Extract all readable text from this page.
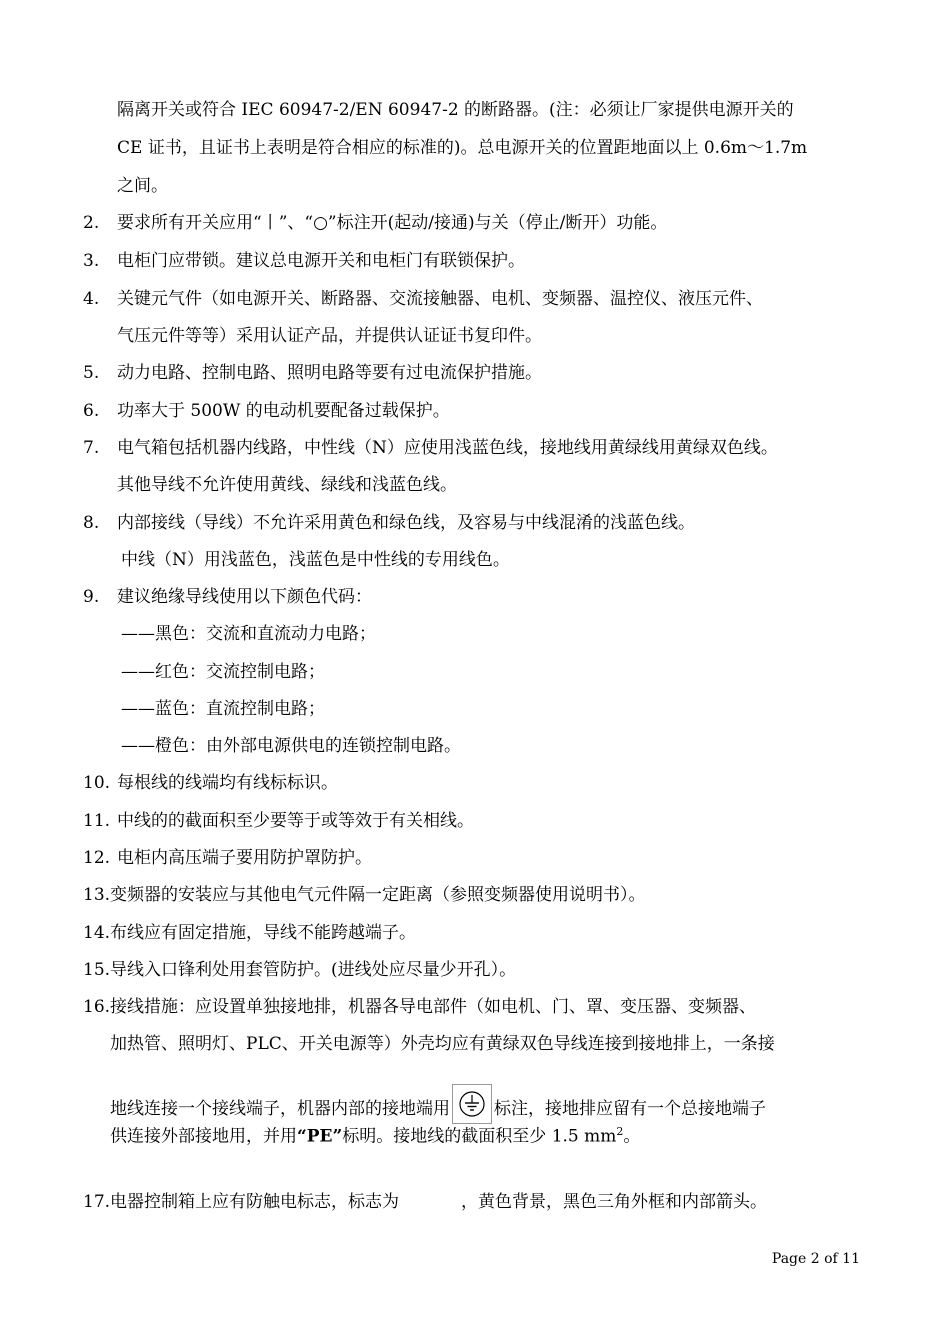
隔离开关或符合 IEC 60947-2/EN 60947-2 的断路器。(注：必须让厂家提供电源开关的
CE 证书，且证书上表明是符合相应的标准的)。总电源开关的位置距地面以上 0.6m～1.7m
之间。
2. 要求所有开关应用“丨”、“○”标注开(起动/接通)与关（停止/断开）功能。
3. 电柜门应带锁。建议总电源开关和电柜门有联锁保护。
4. 关键元气件（如电源开关、断路器、交流接触器、电机、变频器、温控仪、液压元件、
气压元件等等）采用认证产品，并提供认证证书复印件。
5. 动力电路、控制电路、照明电路等要有过电流保护措施。
6. 功率大于 500W 的电动机要配备过载保护。
7. 电气箱包括机器内线路，中性线（N）应使用浅蓝色线，接地线用黄绿线用黄绿双色线。
其他导线不允许使用黄线、绿线和浅蓝色线。
8. 内部接线（导线）不允许采用黄色和绿色线，及容易与中线混淆的浅蓝色线。
中线（N）用浅蓝色，浅蓝色是中性线的专用线色。
9. 建议绝缘导线使用以下颜色代码：
——黑色：交流和直流动力电路；
——红色：交流控制电路；
——蓝色：直流控制电路；
——橙色：由外部电源供电的连锁控制电路。
10. 每根线的线端均有线标标识。
11. 中线的的截面积至少要等于或等效于有关相线。
12. 电柜内高压端子要用防护罩防护。
13. 变频器的安装应与其他电气元件隔一定距离（参照变频器使用说明书）。
14. 布线应有固定措施，导线不能跨越端子。
15. 导线入口锋利处用套管防护。(进线处应尽量少开孔）。
16. 接线措施：应设置单独接地排，机器各导电部件（如电机、门、罩、变压器、变频器、
加热管、照明灯、PLC、开关电源等）外壳均应有黄绿双色导线连接到接地排上，一条接
地线连接一个接线端子，机器内部的接地端用	标注，接地排应留有一个总接地端子
供连接外部接地用，并用“PE”标明。接地线的截面积至少 1.5 $mm^2$。
17. 电器控制箱上应有防触电标志，标志为	，黄色背景，黑色三角外框和内部箭头。
Page 2 of 11
